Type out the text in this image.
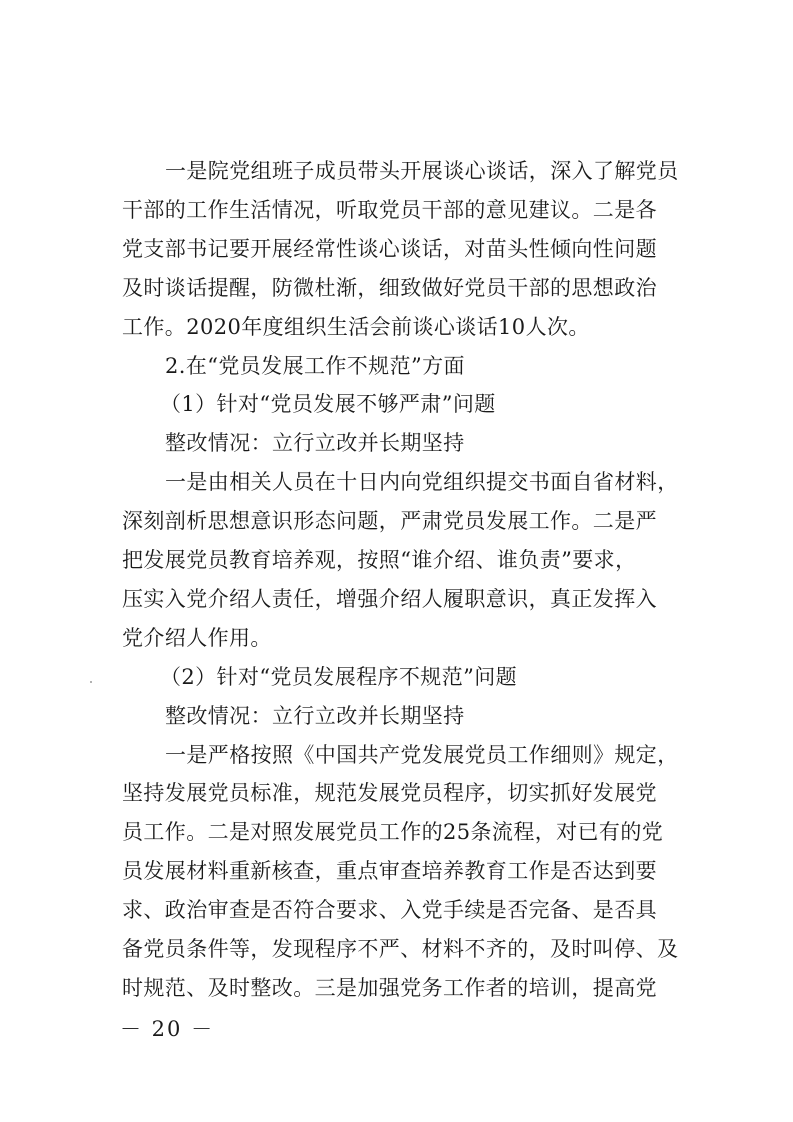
一是院党组班子成员带头开展谈心谈话，深入了解党员
干部的工作生活情况，听取党员干部的意见建议。二是各
党支部书记要开展经常性谈心谈话，对苗头性倾向性问题
及时谈话提醒，防微杜渐，细致做好党员干部的思想政治
工作。2020年度组织生活会前谈心谈话10人次。
2.在“党员发展工作不规范”方面
（1）针对“党员发展不够严肃”问题
整改情况：立行立改并长期坚持
一是由相关人员在十日内向党组织提交书面自省材料，
深刻剖析思想意识形态问题，严肃党员发展工作。二是严
把发展党员教育培养观，按照“谁介绍、谁负责”要求，
压实入党介绍人责任，增强介绍人履职意识，真正发挥入
党介绍人作用。
（2）针对“党员发展程序不规范”问题
整改情况：立行立改并长期坚持
一是严格按照《中国共产党发展党员工作细则》规定，
坚持发展党员标准，规范发展党员程序，切实抓好发展党
员工作。二是对照发展党员工作的25条流程，对已有的党
员发展材料重新核查，重点审查培养教育工作是否达到要
求、政治审查是否符合要求、入党手续是否完备、是否具
备党员条件等，发现程序不严、材料不齐的，及时叫停、及
时规范、及时整改。三是加强党务工作者的培训，提高党
－ 20 －
